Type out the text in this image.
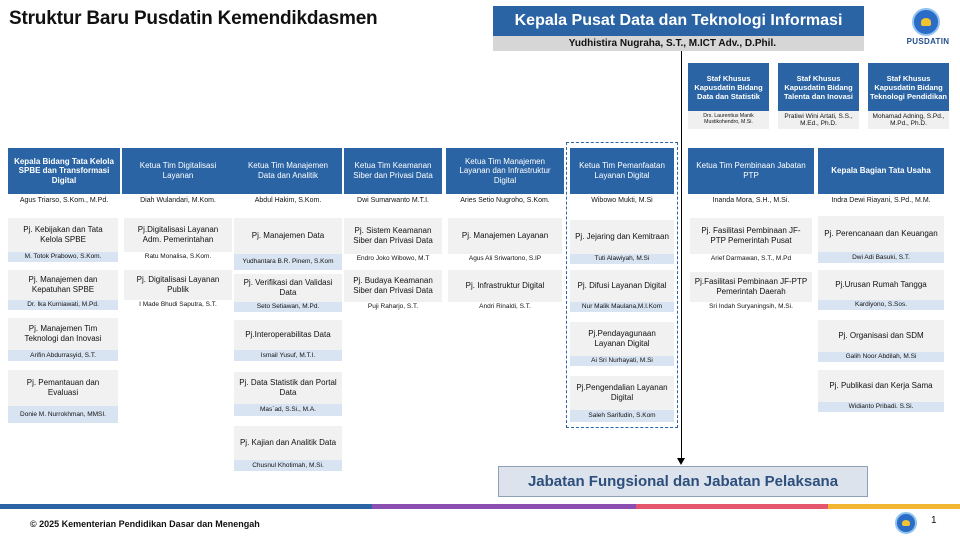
Struktur Baru Pusdatin Kemendikdasmen	Kepala Pusat Data dan Teknologi Informasi
Yudhistira Nugraha, S.T., M.ICT Adv., D.Phil.	PUSDATIN
Staf Khusus Kapusdatin Bidang Data dan Statistik
Drs. Laurentius Manik Mustikohendro, M.Si.
Staf Khusus Kapusdatin Bidang Talenta dan Inovasi
Pratiwi Wini Artati, S.S., M.Ed., Ph.D.
Staf Khusus Kapusdatin Bidang Teknologi Pendidikan
Mohamad Adning, S.Pd., M.Pd., Ph.D.
Kepala Bidang Tata Kelola SPBE dan Transformasi Digital
Agus Triarso, S.Kom., M.Pd.
Pj. Kebijakan dan Tata Kelola SPBE
M. Totok Prabowo, S.Kom.
Pj. Manajemen dan Kepatuhan SPBE
Dr. Ika Kurniawati, M.Pd.
Pj. Manajemen Tim Teknologi dan Inovasi
Arifin Abdurrasyid, S.T.
Pj. Pemantauan dan Evaluasi
Donie M. Nurrokhman, MMSI.
Ketua Tim Digitalisasi Layanan
Diah Wulandari, M.Kom.
Pj.Digitalisasi Layanan Adm. Pemerintahan
Ratu Monalisa, S.Kom.
Pj. Digitalisasi Layanan Publik
I Made Bhudi Saputra, S.T.
Ketua Tim Manajemen Data dan Analitik
Abdul Hakim, S.Kom.
Pj. Manajemen Data
Yudhantara B.R. Pinem, S.Kom
Pj. Verifikasi dan Validasi Data
Seto Setiawan, M.Pd.
Pj.Interoperabilitas Data
Ismail Yusuf, M.T.I.
Pj. Data Statistik dan Portal Data
Mas`ad, S.Si., M.A.
Pj. Kajian dan Analitik Data
Chusnul Khotimah, M.Si.
Ketua Tim Keamanan Siber dan Privasi Data
Dwi Sumarwanto M.T.I.
Pj. Sistem Keamanan Siber dan Privasi Data
Endro Joko Wibowo, M.T
Pj. Budaya Keamanan Siber dan Privasi Data
Puji Raharjo, S.T.
Ketua Tim Manajemen Layanan dan Infrastruktur Digital
Aries Setio Nugroho, S.Kom.
Pj. Manajemen Layanan
Agus Ali Sriwartono, S.IP
Pj. Infrastruktur Digital
Andri Rinaldi, S.T.
Ketua Tim Pemanfaatan Layanan Digital
Wibowo Mukti, M.Si
Pj. Jejaring dan Kemitraan
Tuti Alawiyah, M.Si
Pj. Difusi Layanan Digital
Nur Malik Maulana,M.I.Kom
Pj.Pendayagunaan Layanan Digital
Ai Sri Nurhayati, M.Si
Pj.Pengendalian Layanan Digital
Saleh Sarifudin, S.Kom
Ketua Tim Pembinaan Jabatan PTP
Inanda Mora, S.H., M.Si.
Pj. Fasilitasi Pembinaan JF-PTP Pemerintah Pusat
Arief Darmawan, S.T., M.Pd
Pj.Fasilitasi Pembinaan JF-PTP Pemerintah Daerah
Sri Indah Suryaningsih, M.Si.
Kepala Bagian Tata Usaha
Indra Dewi Riayani, S.Pd., M.M.
Pj. Perencanaan dan Keuangan
Dwi Adi Basuki, S.T.
Pj.Urusan Rumah Tangga
Kardiyono, S.Sos.
Pj. Organisasi dan SDM
Galih Noor Abdilah, M.Si
Pj. Publikasi dan Kerja Sama
Widianto Pribadi. S.Si.
Jabatan Fungsional dan Jabatan Pelaksana
© 2025 Kementerian Pendidikan Dasar dan Menengah	1
